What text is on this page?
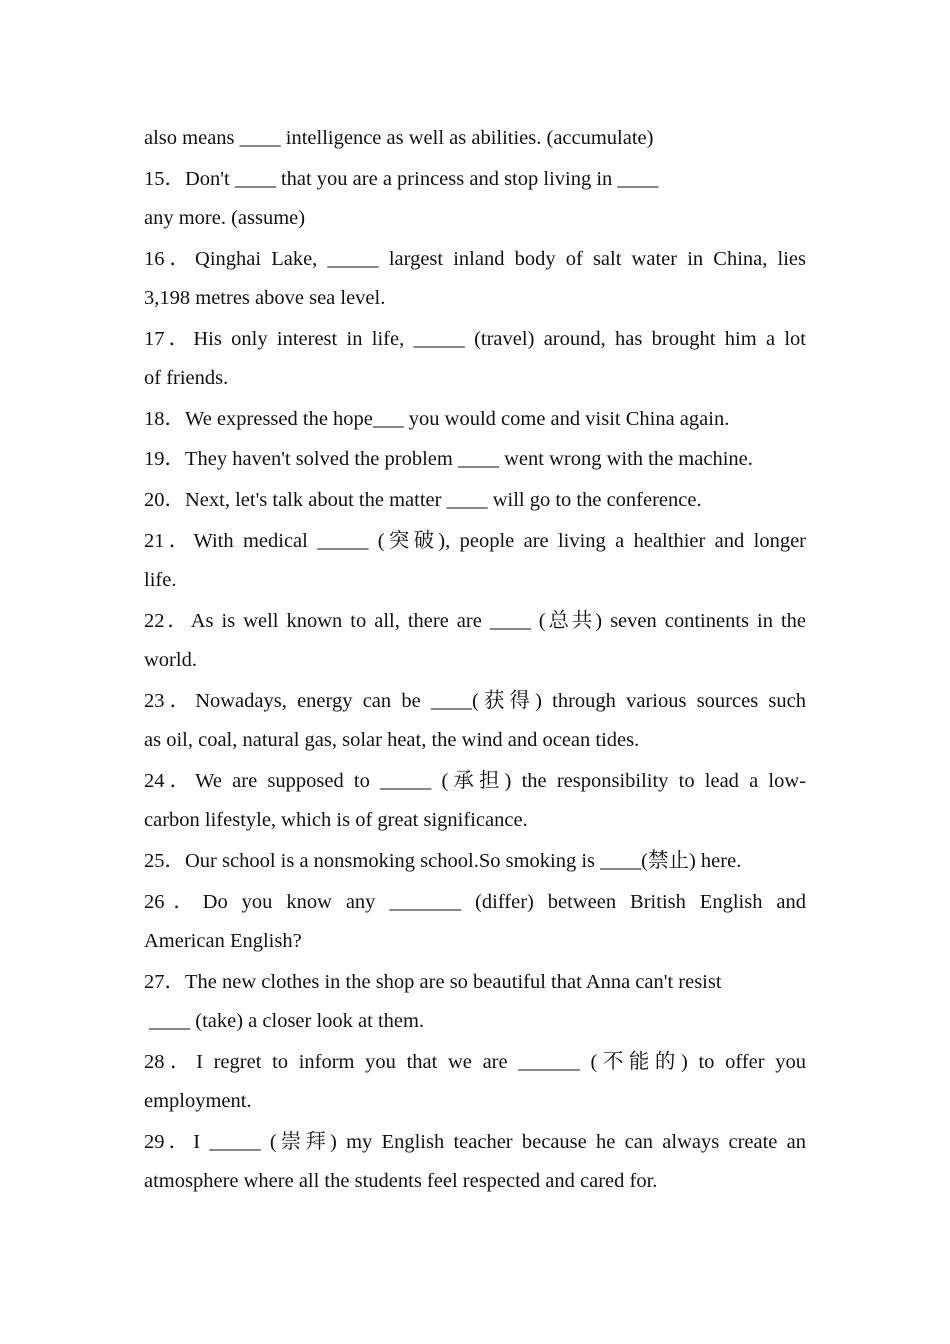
also means ____ intelligence as well as abilities. (accumulate)

15．Don't ____ that you are a princess and stop living in ____

any more. (assume)

16．Qinghai Lake, _____ largest inland body of salt water in China, lies

3,198 metres above sea level.

17．His only interest in life, _____ (travel) around, has brought him a lot

of friends.

18．We expressed the hope___ you would come and visit China again.

19．They haven't solved the problem ____ went wrong with the machine.

20．Next, let's talk about the matter ____ will go to the conference.

21．With medical _____ (突破), people are living a healthier and longer

life.

22．As is well known to all, there are ____ (总共) seven continents in the

world.

23．Nowadays, energy can be ____(获得) through various sources such

as oil, coal, natural gas, solar heat, the wind and ocean tides.

24．We are supposed to _____ (承担) the responsibility to lead a low-

carbon lifestyle, which is of great significance.

25．Our school is a nonsmoking school.So smoking is ____(禁止) here.

26．Do you know any _______ (differ) between British English and

American English?

27．The new clothes in the shop are so beautiful that Anna can't resist

____ (take) a closer look at them.

28．I regret to inform you that we are ______ (不能的) to offer you

employment.

29．I _____ (崇拜) my English teacher because he can always create an

atmosphere where all the students feel respected and cared for.
